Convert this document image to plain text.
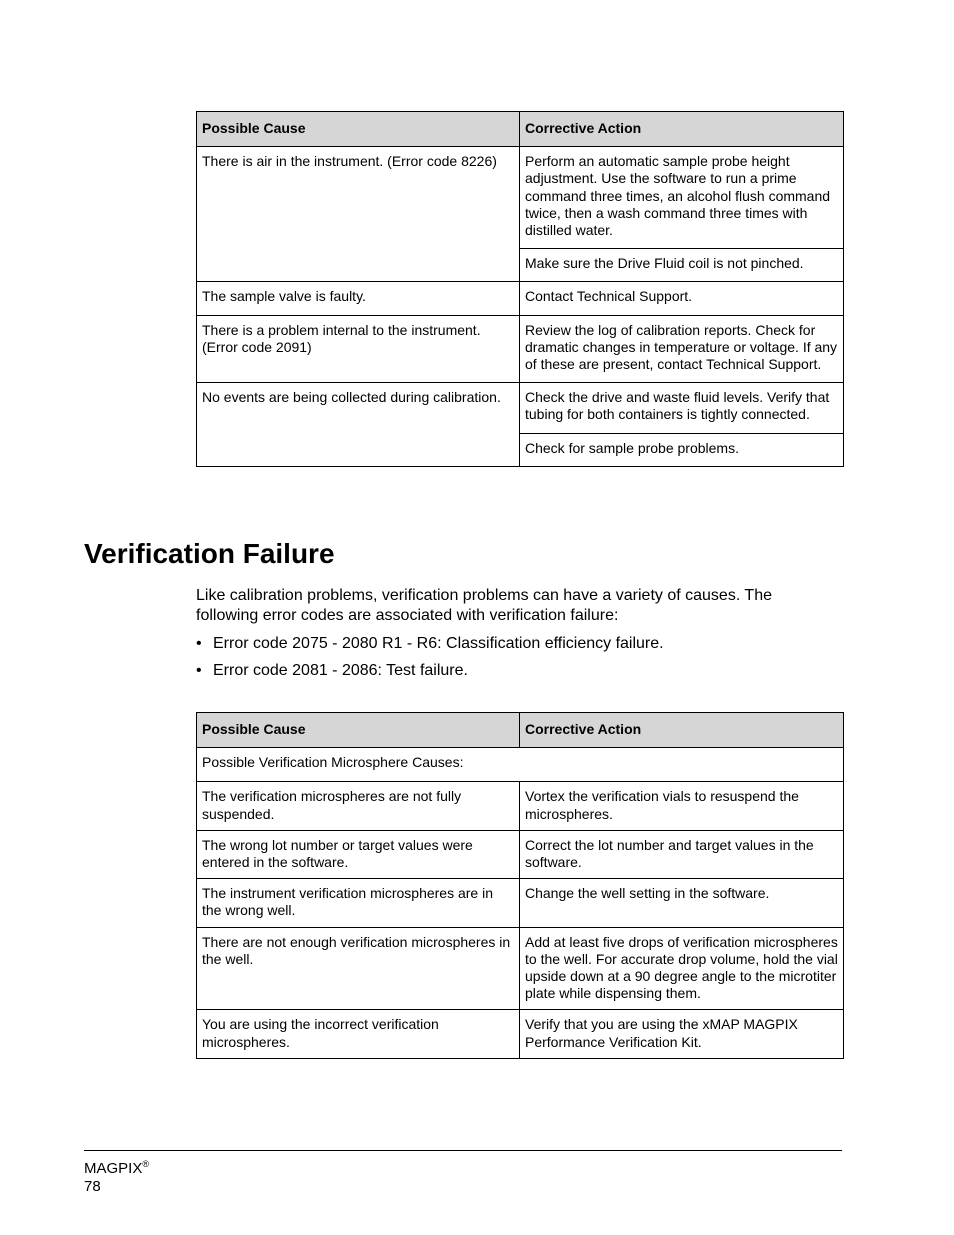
Possible Cause	Corrective Action
There is air in the instrument. (Error code 8226)	Perform an automatic sample probe height adjustment. Use the software to run a prime command three times, an alcohol flush command twice, then a wash command three times with distilled water.
	Make sure the Drive Fluid coil is not pinched.
The sample valve is faulty.	Contact Technical Support.
There is a problem internal to the instrument. (Error code 2091)	Review the log of calibration reports. Check for dramatic changes in temperature or voltage. If any of these are present, contact Technical Support.
No events are being collected during calibration.	Check the drive and waste fluid levels. Verify that tubing for both containers is tightly connected.
	Check for sample probe problems.
Verification Failure

Like calibration problems, verification problems can have a variety of causes. The following error codes are associated with verification failure:

• Error code 2075 - 2080 R1 - R6: Classification efficiency failure.
• Error code 2081 - 2086: Test failure.
Possible Cause	Corrective Action
Possible Verification Microsphere Causes:	
The verification microspheres are not fully suspended.	Vortex the verification vials to resuspend the microspheres.
The wrong lot number or target values were entered in the software.	Correct the lot number and target values in the software.
The instrument verification microspheres are in the wrong well.	Change the well setting in the software.
There are not enough verification microspheres in the well.	Add at least five drops of verification microspheres to the well. For accurate drop volume, hold the vial upside down at a 90 degree angle to the microtiter plate while dispensing them.
You are using the incorrect verification microspheres.	Verify that you are using the xMAP MAGPIX Performance Verification Kit.
MAGPIX®
78
